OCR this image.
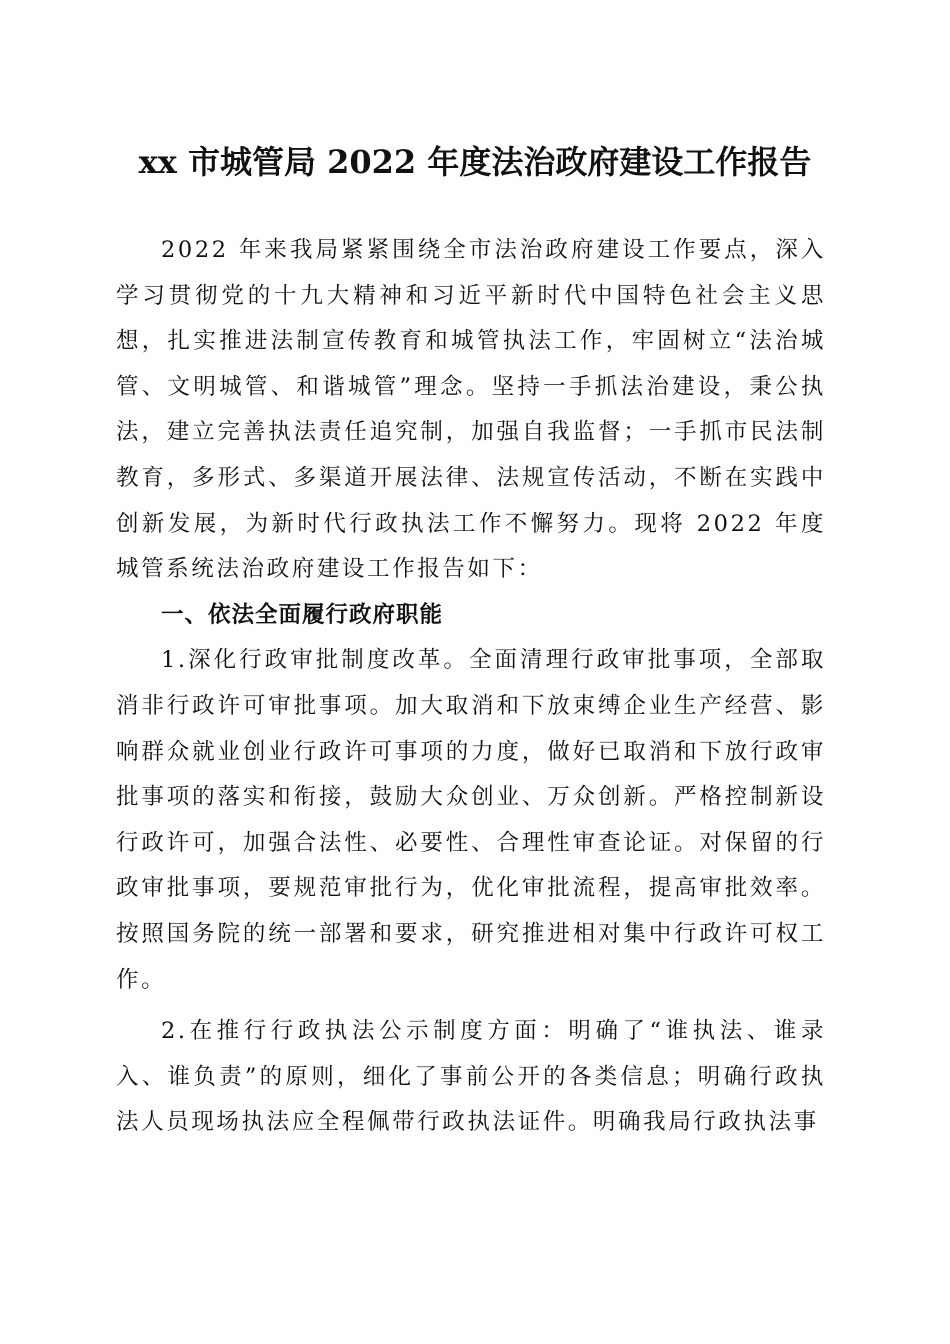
xx 市城管局 2022 年度法治政府建设工作报告

2022 年来我局紧紧围绕全市法治政府建设工作要点，深入学习贯彻党的十九大精神和习近平新时代中国特色社会主义思想，扎实推进法制宣传教育和城管执法工作，牢固树立“法治城管、文明城管、和谐城管”理念。坚持一手抓法治建设，秉公执法，建立完善执法责任追究制，加强自我监督；一手抓市民法制教育，多形式、多渠道开展法律、法规宣传活动，不断在实践中创新发展，为新时代行政执法工作不懈努力。现将 2022 年度城管系统法治政府建设工作报告如下：

一、依法全面履行政府职能

1.深化行政审批制度改革。全面清理行政审批事项，全部取消非行政许可审批事项。加大取消和下放束缚企业生产经营、影响群众就业创业行政许可事项的力度，做好已取消和下放行政审批事项的落实和衔接，鼓励大众创业、万众创新。严格控制新设行政许可，加强合法性、必要性、合理性审查论证。对保留的行政审批事项，要规范审批行为，优化审批流程，提高审批效率。按照国务院的统一部署和要求，研究推进相对集中行政许可权工作。

2.在推行行政执法公示制度方面：明确了“谁执法、谁录入、谁负责”的原则，细化了事前公开的各类信息；明确行政执法人员现场执法应全程佩带行政执法证件。明确我局行政执法事
